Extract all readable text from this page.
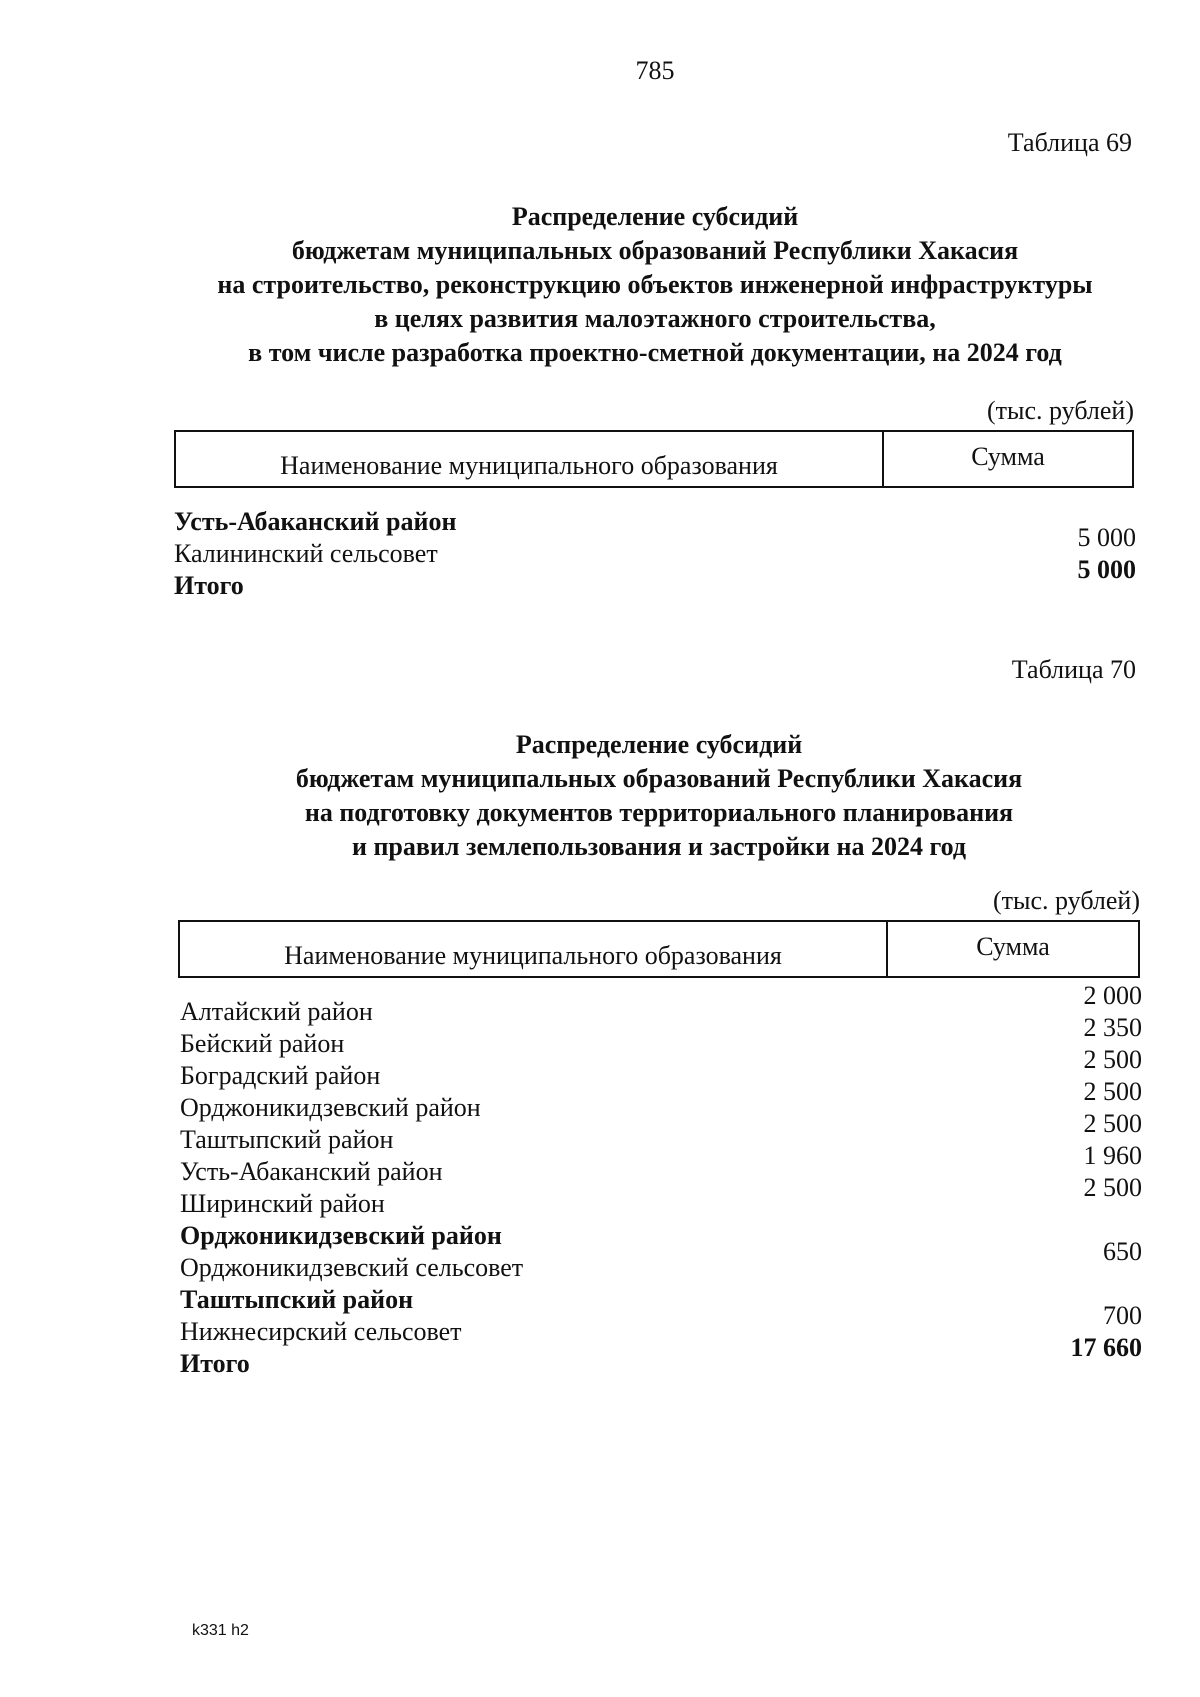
785
Таблица 69
Распределение субсидий
бюджетам муниципальных образований Республики Хакасия
на строительство, реконструкцию объектов инженерной инфраструктуры
в целях развития малоэтажного строительства,
в том числе разработка проектно-сметной документации, на 2024 год
(тыс. рублей)
Наименование муниципального образования	Сумма
Усть-Абаканский район
Калининский сельсовет
5 000
Итого
5 000
Таблица 70
Распределение субсидий
бюджетам муниципальных образований Республики Хакасия
на подготовку документов территориального планирования
и правил землепользования и застройки на 2024 год
(тыс. рублей)
Наименование муниципального образования	Сумма
Алтайский район
2 000
Бейский район
2 350
Боградский район
2 500
Орджоникидзевский район
2 500
Таштыпский район
2 500
Усть-Абаканский район
1 960
Ширинский район
2 500
Орджоникидзевский район
Орджоникидзевский сельсовет
650
Таштыпский район
Нижнесирский сельсовет
700
Итого
17 660
k331 h2
